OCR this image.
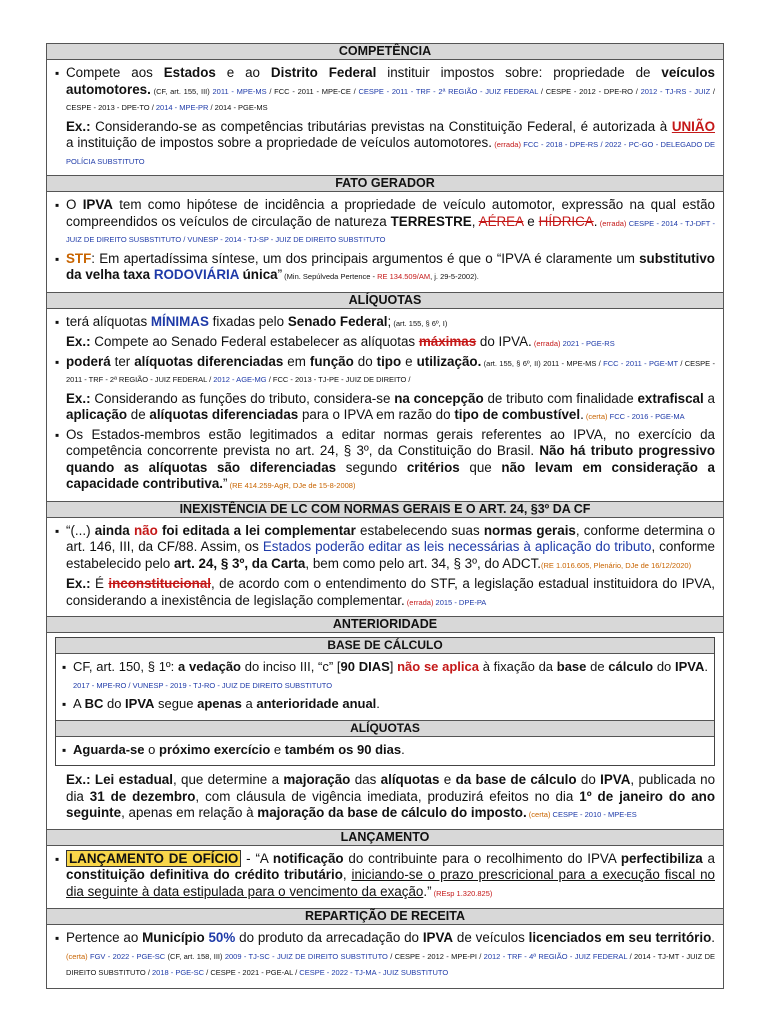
COMPETÊNCIA
▪ Compete aos Estados e ao Distrito Federal instituir impostos sobre: propriedade de veículos automotores. (CF, art. 155, III) 2011 - MPE-MS / FCC - 2011 - MPE-CE / CESPE - 2011 - TRF - 2ª REGIÃO - JUIZ FEDERAL / CESPE - 2012 - DPE-RO / 2012 - TJ-RS - JUIZ / CESPE - 2013 - DPE-TO / 2014 - MPE-PR / 2014 - PGE-MS
Ex.: Considerando-se as competências tributárias previstas na Constituição Federal, é autorizada à UNIÃO a instituição de impostos sobre a propriedade de veículos automotores. (errada) FCC - 2018 - DPE-RS / 2022 - PC-GO - DELEGADO DE POLÍCIA SUBSTITUTO
FATO GERADOR
▪ O IPVA tem como hipótese de incidência a propriedade de veículo automotor, expressão na qual estão compreendidos os veículos de circulação de natureza TERRESTRE, AÉREA e HÍDRICA. (errada) CESPE - 2014 - TJ-DFT - JUIZ DE DIREITO SUSBSTITUTO / VUNESP - 2014 - TJ-SP - JUIZ DE DIREITO SUBSTITUTO
▪ STF: Em apertadíssima síntese, um dos principais argumentos é que o “IPVA é claramente um substitutivo da velha taxa RODOVIÁRIA única” (Min. Sepúlveda Pertence - RE 134.509/AM, j. 29-5-2002).
ALÍQUOTAS
▪ terá alíquotas MÍNIMAS fixadas pelo Senado Federal; (art. 155, § 6º, I)
Ex.: Compete ao Senado Federal estabelecer as alíquotas máximas do IPVA. (errada) 2021 - PGE-RS
▪ poderá ter alíquotas diferenciadas em função do tipo e utilização. (art. 155, § 6º, II) 2011 - MPE-MS / FCC - 2011 - PGE-MT / CESPE - 2011 - TRF - 2ª REGIÃO - JUIZ FEDERAL / 2012 - AGE-MG / FCC - 2013 - TJ-PE - JUIZ DE DIREITO /
Ex.: Considerando as funções do tributo, considera-se na concepção de tributo com finalidade extrafiscal a aplicação de alíquotas diferenciadas para o IPVA em razão do tipo de combustível. (certa) FCC - 2016 - PGE-MA
▪ Os Estados-membros estão legitimados a editar normas gerais referentes ao IPVA, no exercício da competência concorrente prevista no art. 24, § 3º, da Constituição do Brasil. Não há tributo progressivo quando as alíquotas são diferenciadas segundo critérios que não levam em consideração a capacidade contributiva.” (RE 414.259-AgR, DJe de 15-8-2008)
INEXISTÊNCIA DE LC COM NORMAS GERAIS E O ART. 24, §3º DA CF
▪ “(...) ainda não foi editada a lei complementar estabelecendo suas normas gerais, conforme determina o art. 146, III, da CF/88. Assim, os Estados poderão editar as leis necessárias à aplicação do tributo, conforme estabelecido pelo art. 24, § 3º, da Carta, bem como pelo art. 34, § 3º, do ADCT.(RE 1.016.605, Plenário, DJe de 16/12/2020)
Ex.: É inconstitucional, de acordo com o entendimento do STF, a legislação estadual instituidora do IPVA, considerando a inexistência de legislação complementar. (errada) 2015 - DPE-PA
ANTERIORIDADE
BASE DE CÁLCULO
▪ CF, art. 150, § 1º: a vedação do inciso III, “c” [90 DIAS] não se aplica à fixação da base de cálculo do IPVA. 2017 - MPE-RO / VUNESP - 2019 - TJ-RO - JUIZ DE DIREITO SUBSTITUTO
▪ A BC do IPVA segue apenas a anterioridade anual.
ALÍQUOTAS
▪ Aguarda-se o próximo exercício e também os 90 dias.
Ex.: Lei estadual, que determine a majoração das alíquotas e da base de cálculo do IPVA, publicada no dia 31 de dezembro, com cláusula de vigência imediata, produzirá efeitos no dia 1º de janeiro do ano seguinte, apenas em relação à majoração da base de cálculo do imposto. (certa) CESPE - 2010 - MPE-ES
LANÇAMENTO
▪ LANÇAMENTO DE OFÍCIO - “A notificação do contribuinte para o recolhimento do IPVA perfectibiliza a constituição definitiva do crédito tributário, iniciando-se o prazo prescricional para a execução fiscal no dia seguinte à data estipulada para o vencimento da exação.” (REsp 1.320.825)
REPARTIÇÃO DE RECEITA
▪ Pertence ao Município 50% do produto da arrecadação do IPVA de veículos licenciados em seu território. (certa) FGV - 2022 - PGE-SC (CF, art. 158, III) 2009 - TJ-SC - JUIZ DE DIREITO SUBSTITUTO / CESPE - 2012 - MPE-PI / 2012 - TRF - 4ª REGIÃO - JUIZ FEDERAL / 2014 - TJ-MT - JUIZ DE DIREITO SUBSTITUTO / 2018 - PGE-SC / CESPE - 2021 - PGE-AL / CESPE - 2022 - TJ-MA - JUIZ SUBSTITUTO
